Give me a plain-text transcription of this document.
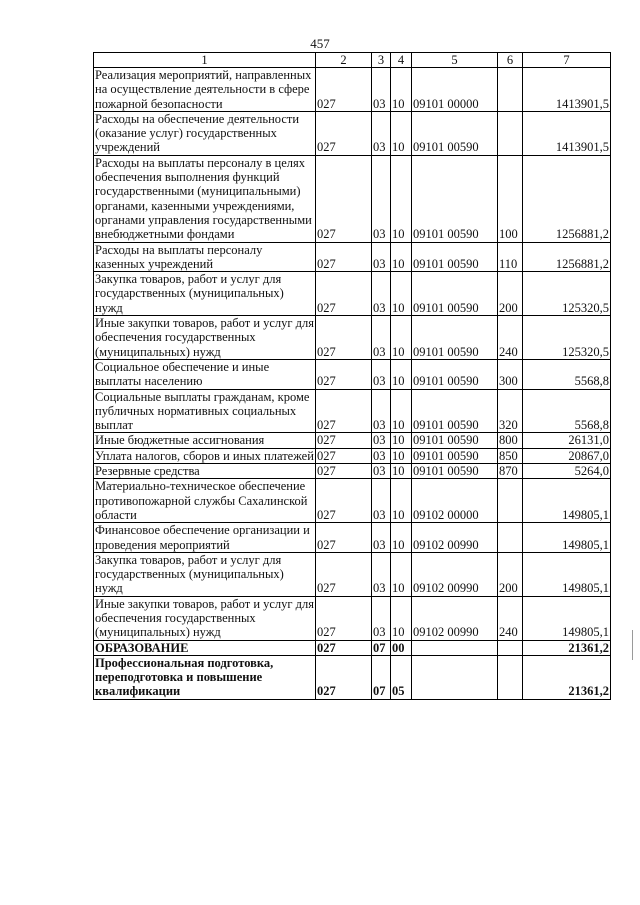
457
1	2	3	4	5	6	7
Реализация мероприятий, направленных на осуществление деятельности в сфере пожарной безопасности	027	03	10	09101 00000		1413901,5
Расходы на обеспечение деятельности (оказание услуг) государственных учреждений	027	03	10	09101 00590		1413901,5
Расходы на выплаты персоналу в целях обеспечения выполнения функций государственными (муниципальными) органами, казенными учреждениями, органами управления государственными внебюджетными фондами	027	03	10	09101 00590	100	1256881,2
Расходы на выплаты персоналу казенных учреждений	027	03	10	09101 00590	110	1256881,2
Закупка товаров, работ и услуг для государственных (муниципальных) нужд	027	03	10	09101 00590	200	125320,5
Иные закупки товаров, работ и услуг для обеспечения государственных (муниципальных) нужд	027	03	10	09101 00590	240	125320,5
Социальное обеспечение и иные выплаты населению	027	03	10	09101 00590	300	5568,8
Социальные выплаты гражданам, кроме публичных нормативных социальных выплат	027	03	10	09101 00590	320	5568,8
Иные бюджетные ассигнования	027	03	10	09101 00590	800	26131,0
Уплата налогов, сборов и иных платежей	027	03	10	09101 00590	850	20867,0
Резервные средства	027	03	10	09101 00590	870	5264,0
Материально-техническое обеспечение противопожарной службы Сахалинской области	027	03	10	09102 00000		149805,1
Финансовое обеспечение организации и проведения мероприятий	027	03	10	09102 00990		149805,1
Закупка товаров, работ и услуг для государственных (муниципальных) нужд	027	03	10	09102 00990	200	149805,1
Иные закупки товаров, работ и услуг для обеспечения государственных (муниципальных) нужд	027	03	10	09102 00990	240	149805,1
ОБРАЗОВАНИЕ	027	07	00			21361,2
Профессиональная подготовка, переподготовка и повышение квалификации	027	07	05			21361,2
